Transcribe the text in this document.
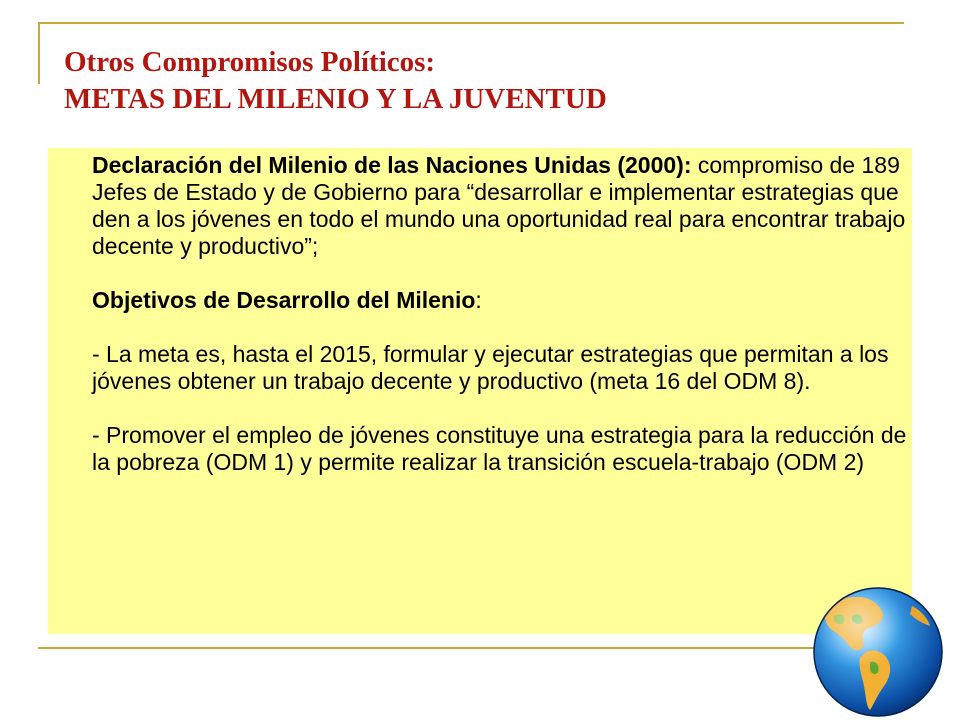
Otros Compromisos Políticos:
METAS DEL MILENIO Y LA JUVENTUD

Declaración del Milenio de las Naciones Unidas (2000): compromiso de 189 Jefes de Estado y de Gobierno para “desarrollar e implementar estrategias que den a los jóvenes en todo el mundo una oportunidad real para encontrar trabajo decente y productivo”;

Objetivos de Desarrollo del Milenio:

- La meta es, hasta el 2015, formular y ejecutar estrategias que permitan a los jóvenes obtener un trabajo decente y productivo (meta 16 del ODM 8).

- Promover el empleo de jóvenes constituye una estrategia para la reducción de la pobreza (ODM 1) y permite realizar la transición escuela-trabajo (ODM 2)
